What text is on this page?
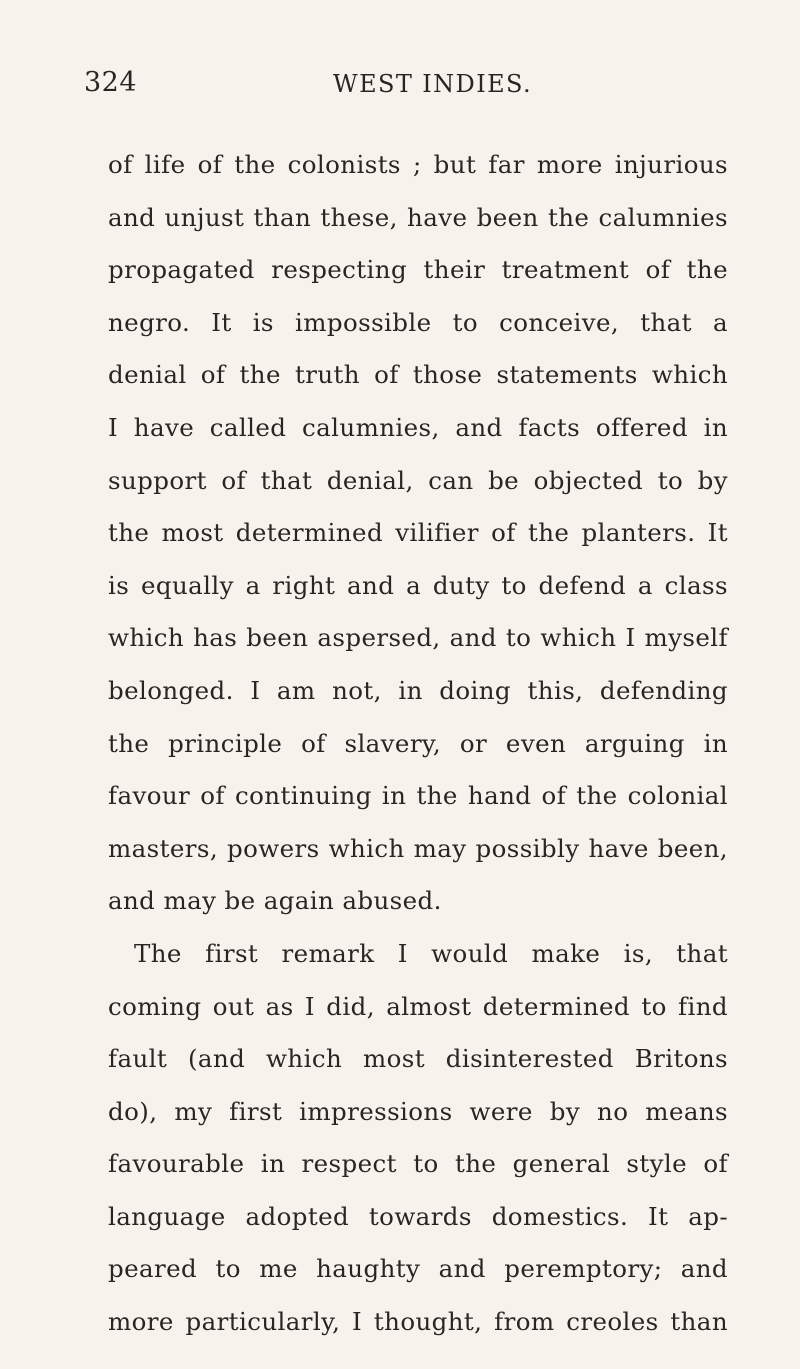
324	WEST INDIES.
of life of the colonists ; but far more injurious
and unjust than these, have been the calumnies
propagated respecting their treatment of the
negro. It is impossible to conceive, that a
denial of the truth of those statements which
I have called calumnies, and facts offered in
support of that denial, can be objected to by
the most determined vilifier of the planters. It
is equally a right and a duty to defend a class
which has been aspersed, and to which I myself
belonged. I am not, in doing this, defending
the principle of slavery, or even arguing in
favour of continuing in the hand of the colonial
masters, powers which may possibly have been,
and may be again abused.
The first remark I would make is, that
coming out as I did, almost determined to find
fault (and which most disinterested Britons
do), my first impressions were by no means
favourable in respect to the general style of
language adopted towards domestics. It ap-
peared to me haughty and peremptory; and
more particularly, I thought, from creoles than
